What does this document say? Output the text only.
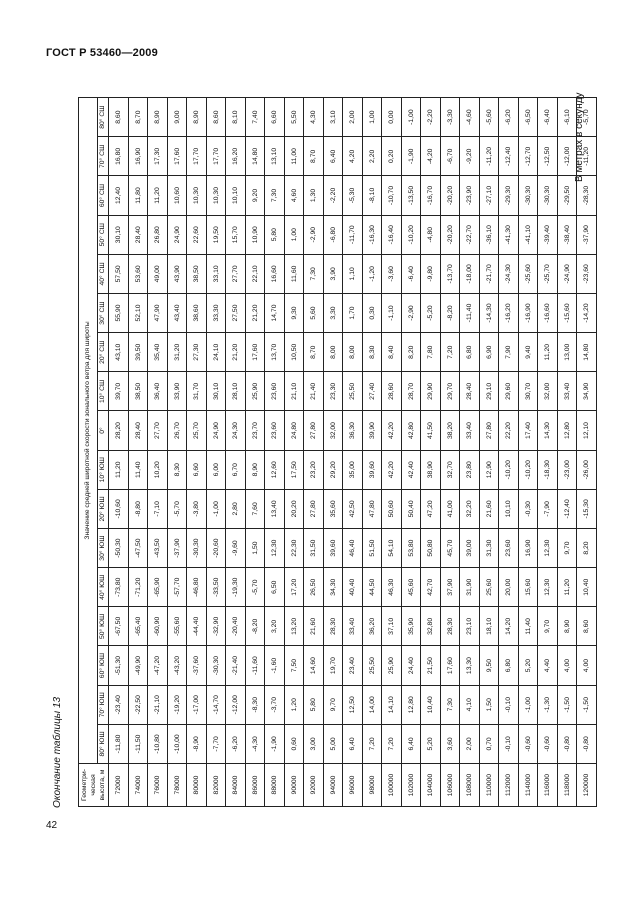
ГОСТ Р 53460—2009
Окончание таблицы 13
В метрах в секунду
42
Геометри- ческая высота, м	Значение средней широтной скорости зонального ветра для широты																
	80° ЮШ	70° ЮШ	60° ЮШ	50° ЮШ	40° ЮШ	30° ЮШ	20° ЮШ	10° ЮШ	0°	10° СШ	20° СШ	30° СШ	40° СШ	50° СШ	60° СШ	70° СШ	80° СШ
72000	-11,80	-23,40	-51,30	-67,50	-73,80	-50,30	-10,60	11,20	28,20	39,70	43,10	55,90	57,50	30,10	12,40	16,80	8,60
74000	-11,50	-22,50	-49,90	-65,40	-71,20	-47,50	-8,80	11,40	28,40	38,50	39,50	52,10	53,60	28,40	11,80	16,90	8,70
76000	-10,80	-21,10	-47,20	-60,90	-65,90	-43,50	-7,10	10,20	27,70	36,40	35,40	47,90	49,00	26,80	11,20	17,30	8,90
78000	-10,00	-19,20	-43,20	-55,60	-57,70	-37,90	-5,70	8,30	26,70	33,90	31,20	43,40	43,90	24,90	10,60	17,60	9,00
80000	-8,90	-17,00	-37,60	-44,40	-46,80	-30,30	-3,80	6,60	25,70	31,70	27,30	38,60	38,50	22,60	10,30	17,70	8,90
82000	-7,70	-14,70	-30,30	-32,90	-33,50	-20,60	-1,00	6,00	24,90	30,10	24,10	33,30	33,10	19,50	10,30	17,70	8,60
84000	-6,20	-12,00	-21,40	-20,40	-19,30	-9,60	2,80	6,70	24,30	28,10	21,20	27,50	27,70	15,70	10,10	16,20	8,10
86000	-4,30	-8,30	-11,60	-8,20	-5,70	1,50	7,60	8,90	23,70	25,90	17,60	21,20	22,10	10,90	9,20	14,80	7,40
88000	-1,90	-3,70	-1,60	3,20	6,50	12,30	13,40	12,60	23,60	23,60	13,70	14,70	16,60	5,80	7,30	13,10	6,60
90000	0,60	1,20	7,50	13,20	17,20	22,30	20,20	17,50	24,80	21,10	10,50	9,30	11,60	1,00	4,60	11,00	5,50
92000	3,00	5,80	14,60	21,60	26,50	31,50	27,80	23,20	27,80	21,40	8,70	5,60	7,30	-2,90	1,30	8,70	4,30
94000	5,00	9,70	19,70	28,30	34,30	39,60	35,60	29,20	32,00	23,30	8,00	3,30	3,90	-6,80	-2,20	6,40	3,10
96000	6,40	12,50	23,40	33,40	40,40	46,40	42,50	35,00	36,30	25,50	8,00	1,70	1,10	-11,70	-5,30	4,20	2,00
98000	7,20	14,00	25,50	36,20	44,50	51,50	47,80	39,60	39,90	27,40	8,30	0,30	-1,20	-16,30	-8,10	2,20	1,00
100000	7,20	14,10	25,90	37,10	46,30	54,10	50,60	42,20	42,20	28,60	8,40	-1,10	-3,60	-16,40	-10,70	0,20	0,00
102000	6,40	12,80	24,40	35,90	45,60	53,80	50,40	42,40	42,80	28,70	8,20	-2,90	-6,40	-10,20	-13,50	-1,90	-1,00
104000	5,20	10,40	21,50	32,80	42,70	50,80	47,20	38,90	41,50	29,90	7,80	-5,20	-9,80	-4,80	-16,70	-4,20	-2,20
106000	3,60	7,30	17,60	28,30	37,90	45,70	41,00	32,70	38,20	29,70	7,20	-8,20	-13,70	-20,20	-20,20	-6,70	-3,30
108000	2,00	4,10	13,30	23,10	31,90	39,00	32,20	23,80	33,40	28,40	6,80	-11,40	-18,00	-22,70	-23,90	-9,20	-4,60
110000	0,70	1,50	9,50	18,10	25,60	31,30	21,60	12,90	27,80	29,10	6,90	-14,30	-21,70	-36,10	-27,10	-11,20	-5,60
112000	-0,10	-0,10	6,80	14,20	20,00	23,60	10,10	-10,20	22,20	29,60	7,90	-16,20	-24,30	-41,30	-29,30	-12,40	-6,20
114000	-0,60	-1,00	5,20	11,40	15,60	16,90	-0,30	-10,20	17,40	30,70	9,40	-16,90	-25,60	-41,10	-30,30	-12,70	-6,50
116000	-0,60	-1,30	4,40	9,70	12,30	12,30	-7,90	-18,30	14,30	32,00	11,20	-16,60	-25,70	-39,40	-30,30	-12,50	-6,40
118000	-0,80	-1,50	4,00	8,90	11,20	9,70	-12,40	-23,00	12,80	33,40	13,00	-15,60	-24,90	-38,40	-29,50	-12,00	-6,10
120000	-0,80	-1,50	4,00	8,60	10,40	8,20	-15,30	-26,00	12,10	34,90	14,80	-14,20	-23,60	-37,90	-28,30	-11,20	-5,70
